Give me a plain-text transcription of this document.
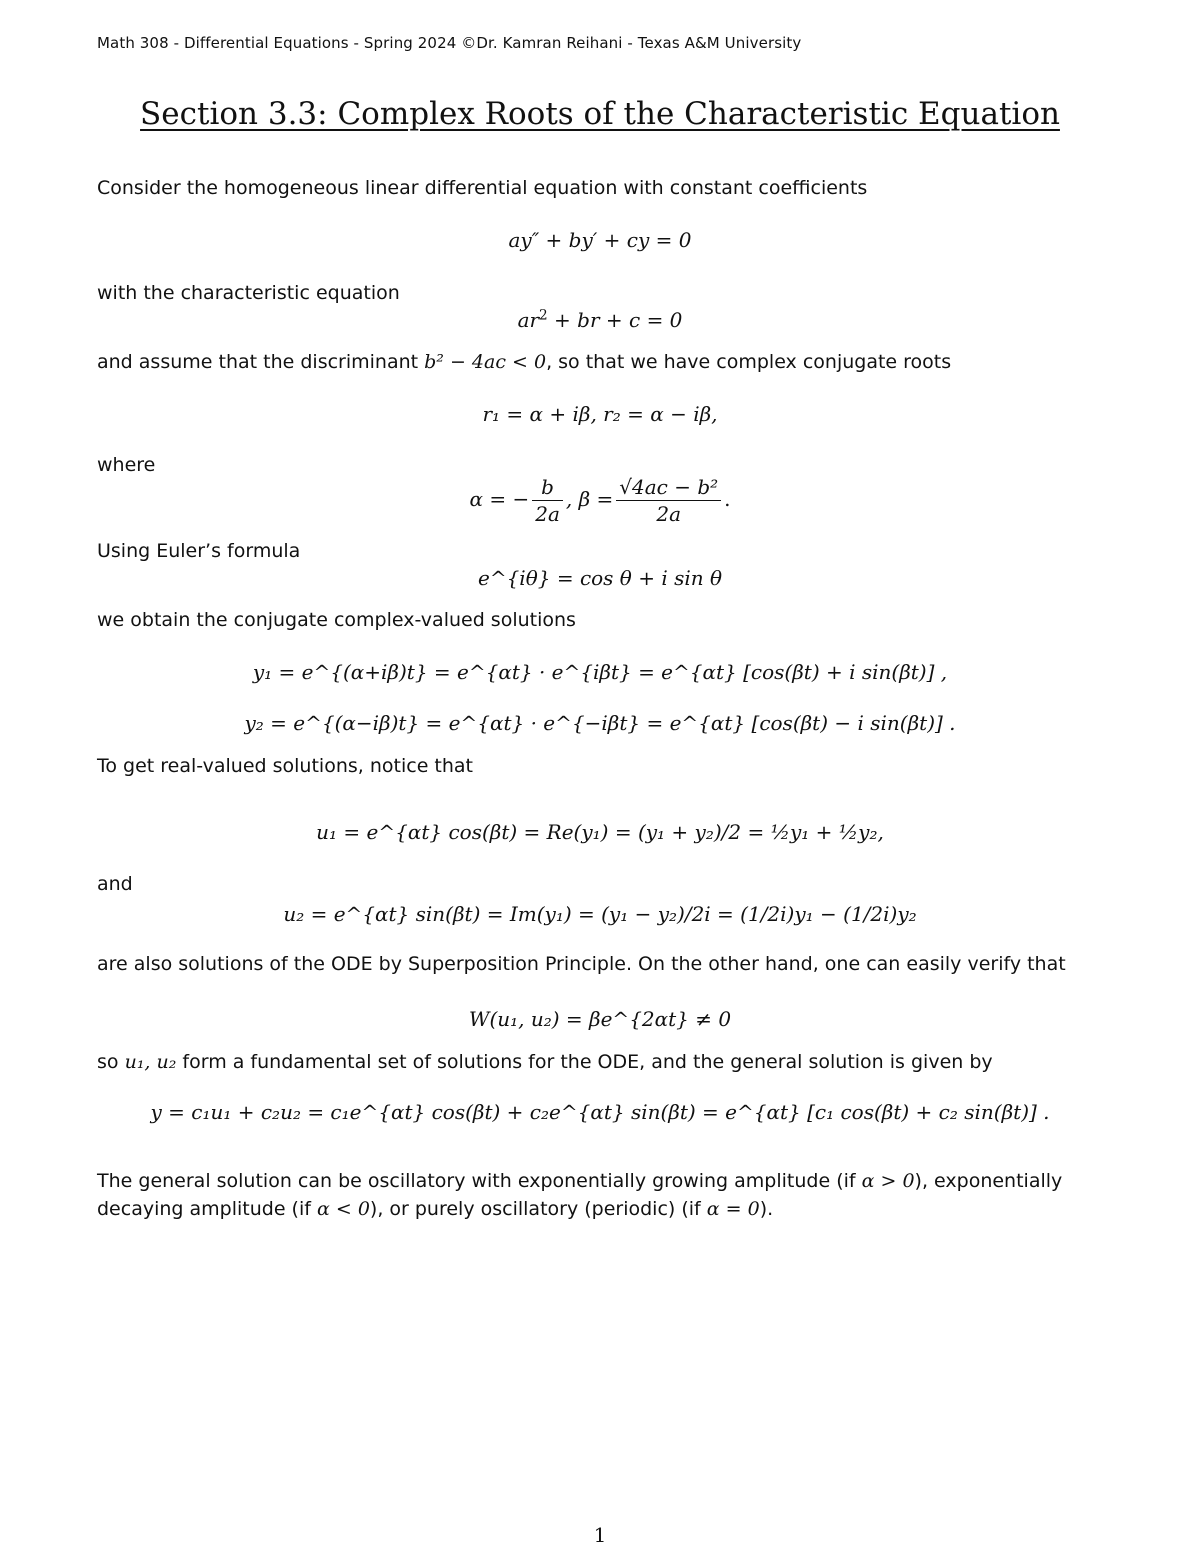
Math 308 - Differential Equations - Spring 2024 ©Dr. Kamran Reihani - Texas A&M University
Section 3.3: Complex Roots of the Characteristic Equation
Consider the homogeneous linear differential equation with constant coefficients
ay″ + by′ + cy = 0
with the characteristic equation
$ar^2$ + br + c = 0
and assume that the discriminant b² − 4ac < 0, so that we have complex conjugate roots
r₁ = α + iβ, r₂ = α − iβ,
where
α = − $\frac{b}{2a}$ , $\beta = \frac{\text{√4ac − b²}}{2a}$ .
Using Euler’s formula
e^{iθ} = cos θ + i sin θ
we obtain the conjugate complex-valued solutions
y₁ = e^{(α+iβ)t} = e^{αt} · e^{iβt} = e^{αt} [cos(βt) + i sin(βt)] ,
y₂ = e^{(α−iβ)t} = e^{αt} · e^{−iβt} = e^{αt} [cos(βt) − i sin(βt)] .
To get real-valued solutions, notice that
u₁ = e^{αt} cos(βt) = Re(y₁) = (y₁ + y₂)/2 = ½y₁ + ½y₂,
and
u₂ = e^{αt} sin(βt) = Im(y₁) = (y₁ − y₂)/2i = (1/2i)y₁ − (1/2i)y₂
are also solutions of the ODE by Superposition Principle. On the other hand, one can easily verify that
W(u₁, u₂) = βe^{2αt} ≠ 0
so u₁, u₂ form a fundamental set of solutions for the ODE, and the general solution is given by
y = c₁u₁ + c₂u₂ = c₁e^{αt} cos(βt) + c₂e^{αt} sin(βt) = e^{αt} [c₁ cos(βt) + c₂ sin(βt)] .
The general solution can be oscillatory with exponentially growing amplitude (if α > 0), exponentially decaying amplitude (if α < 0), or purely oscillatory (periodic) (if α = 0).
1
